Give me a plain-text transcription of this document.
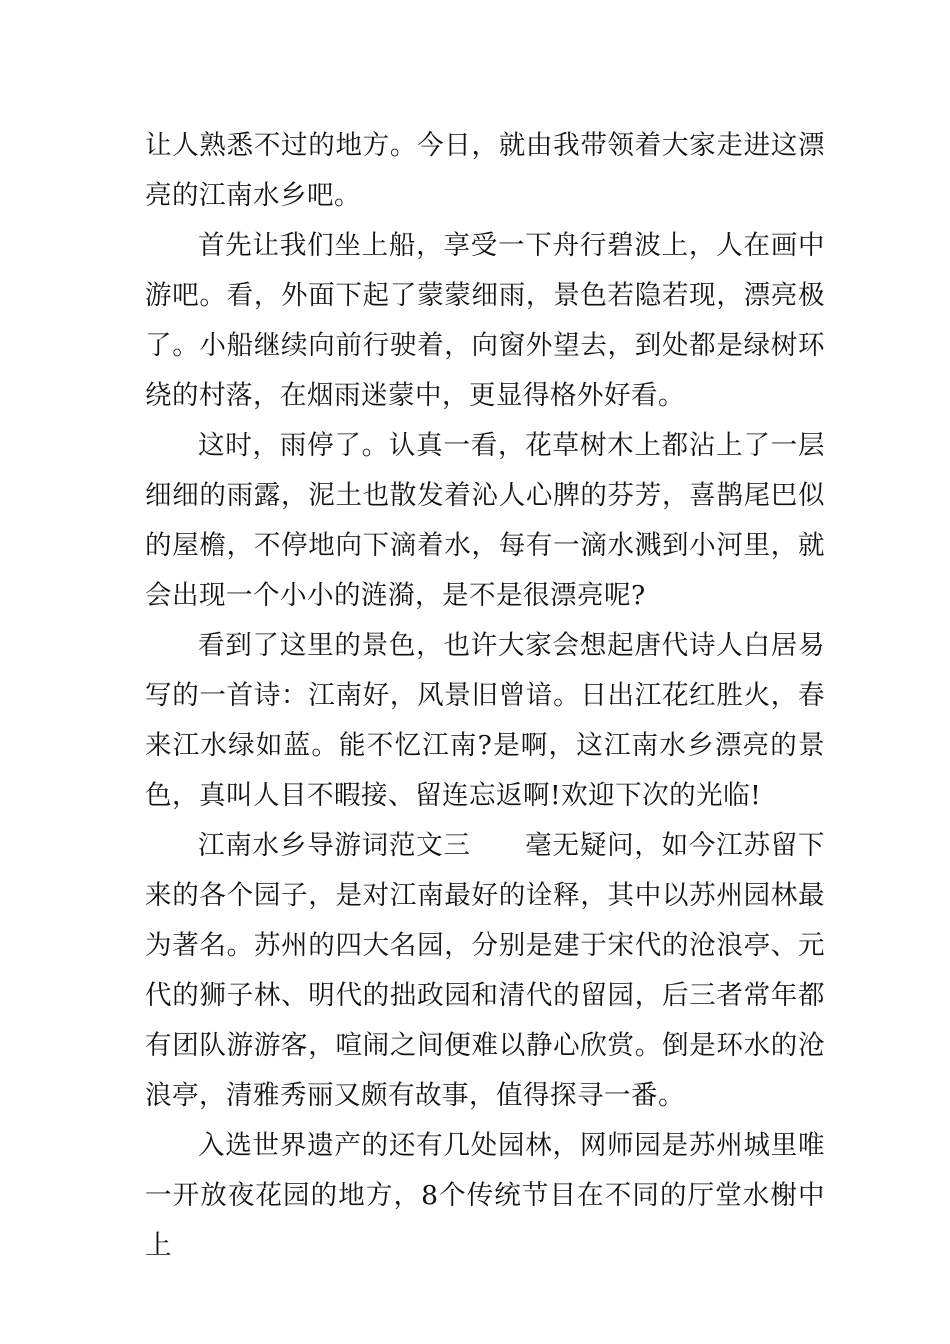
让人熟悉不过的地方。今日，就由我带领着大家走进这漂亮的江南水乡吧。

首先让我们坐上船，享受一下舟行碧波上，人在画中游吧。看，外面下起了蒙蒙细雨，景色若隐若现，漂亮极了。小船继续向前行驶着，向窗外望去，到处都是绿树环绕的村落，在烟雨迷蒙中，更显得格外好看。

这时，雨停了。认真一看，花草树木上都沾上了一层细细的雨露，泥土也散发着沁人心脾的芬芳，喜鹊尾巴似的屋檐，不停地向下滴着水，每有一滴水溅到小河里，就会出现一个小小的涟漪，是不是很漂亮呢?

看到了这里的景色，也许大家会想起唐代诗人白居易写的一首诗：江南好，风景旧曾谙。日出江花红胜火，春来江水绿如蓝。能不忆江南?是啊，这江南水乡漂亮的景色，真叫人目不暇接、留连忘返啊!欢迎下次的光临!

江南水乡导游词范文三　　毫无疑问，如今江苏留下来的各个园子，是对江南最好的诠释，其中以苏州园林最为著名。苏州的四大名园，分别是建于宋代的沧浪亭、元代的狮子林、明代的拙政园和清代的留园，后三者常年都有团队游游客，喧闹之间便难以静心欣赏。倒是环水的沧浪亭，清雅秀丽又颇有故事，值得探寻一番。

入选世界遗产的还有几处园林，网师园是苏州城里唯一开放夜花园的地方，8个传统节目在不同的厅堂水榭中上
